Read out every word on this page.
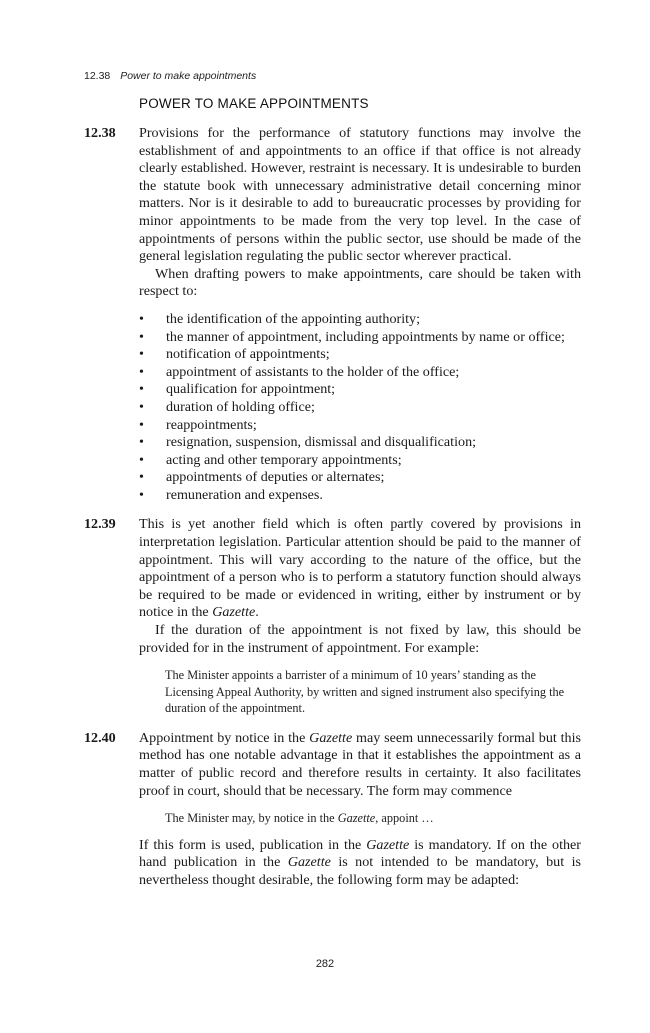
12.38 Power to make appointments
POWER TO MAKE APPOINTMENTS
12.38 Provisions for the performance of statutory functions may involve the establishment of and appointments to an office if that office is not already clearly established. However, restraint is necessary. It is undesirable to burden the statute book with unnecessary administrative detail concerning minor matters. Nor is it desirable to add to bureaucratic processes by providing for minor appointments to be made from the very top level. In the case of appointments of persons within the public sector, use should be made of the general legislation regulating the public sector wherever practical.

When drafting powers to make appointments, care should be taken with respect to:

• the identification of the appointing authority;
• the manner of appointment, including appointments by name or office;
• notification of appointments;
• appointment of assistants to the holder of the office;
• qualification for appointment;
• duration of holding office;
• reappointments;
• resignation, suspension, dismissal and disqualification;
• acting and other temporary appointments;
• appointments of deputies or alternates;
• remuneration and expenses.
12.39 This is yet another field which is often partly covered by provisions in interpretation legislation. Particular attention should be paid to the manner of appointment. This will vary according to the nature of the office, but the appointment of a person who is to perform a statutory function should always be required to be made or evidenced in writing, either by instrument or by notice in the Gazette.

If the duration of the appointment is not fixed by law, this should be provided for in the instrument of appointment. For example:

The Minister appoints a barrister of a minimum of 10 years’ standing as the Licensing Appeal Authority, by written and signed instrument also specifying the duration of the appointment.
12.40 Appointment by notice in the Gazette may seem unnecessarily formal but this method has one notable advantage in that it establishes the appointment as a matter of public record and therefore results in certainty. It also facilitates proof in court, should that be necessary. The form may commence

The Minister may, by notice in the Gazette, appoint …

If this form is used, publication in the Gazette is mandatory. If on the other hand publication in the Gazette is not intended to be mandatory, but is nevertheless thought desirable, the following form may be adapted:

282
